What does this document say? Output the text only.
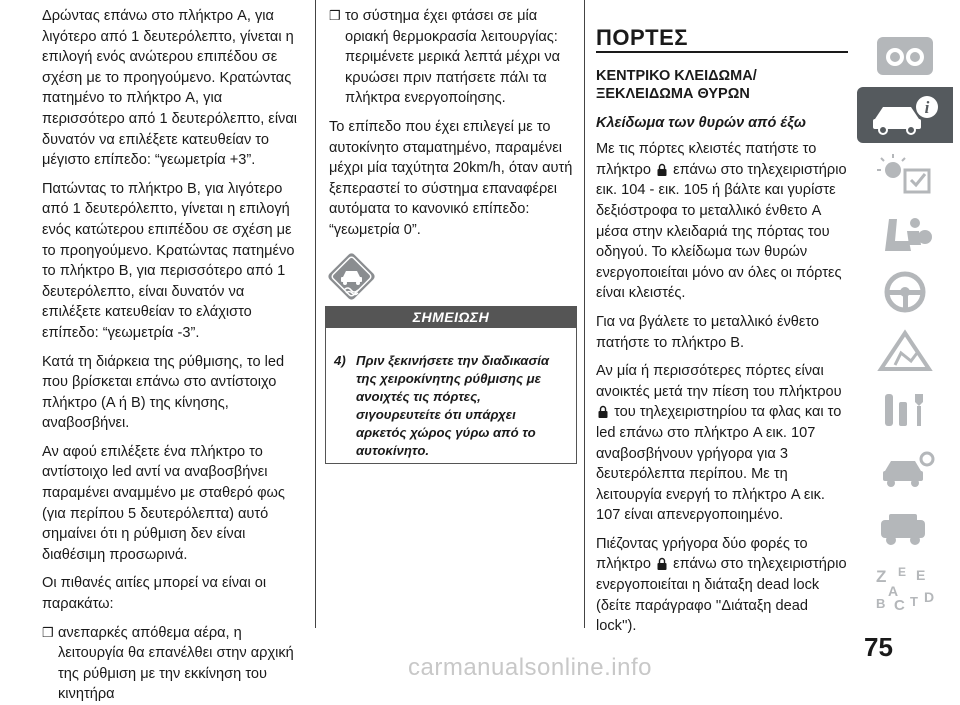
Δρώντας επάνω στο πλήκτρο A, για λιγότερο από 1 δευτερόλεπτο, γίνεται η επιλογή ενός ανώτερου επιπέδου σε σχέση με το προηγούμενο. Κρατώντας πατημένο το πλήκτρο A, για περισσότερο από 1 δευτερόλεπτο, είναι δυνατόν να επιλέξετε κατευθείαν το μέγιστο επίπεδο: “γεωμετρία +3”.

Πατώντας το πλήκτρο B, για λιγότερο από 1 δευτερόλεπτο, γίνεται η επιλογή ενός κατώτερου επιπέδου σε σχέση με το προηγούμενο. Κρατώντας πατημένο το πλήκτρο B, για περισσότερο από 1 δευτερόλεπτο, είναι δυνατόν να επιλέξετε κατευθείαν το ελάχιστο επίπεδο: “γεωμετρία -3”.

Κατά τη διάρκεια της ρύθμισης, το led που βρίσκεται επάνω στο αντίστοιχο πλήκτρο (A ή B) της κίνησης, αναβοσβήνει.

Αν αφού επιλέξετε ένα πλήκτρο το αντίστοιχο led αντί να αναβοσβήνει παραμένει αναμμένο με σταθερό φως (για περίπου 5 δευτερόλεπτα) αυτό σημαίνει ότι η ρύθμιση δεν είναι διαθέσιμη προσωρινά.

Οι πιθανές αιτίες μπορεί να είναι οι παρακάτω:

❒ ανεπαρκές απόθεμα αέρα, η λειτουργία θα επανέλθει στην αρχική της ρύθμιση με την εκκίνηση του κινητήρα
❒ το σύστημα έχει φτάσει σε μία οριακή θερμοκρασία λειτουργίας: περιμένετε μερικά λεπτά μέχρι να κρυώσει πριν πατήσετε πάλι τα πλήκτρα ενεργοποίησης.

Το επίπεδο που έχει επιλεγεί με το αυτοκίνητο σταματημένο, παραμένει μέχρι μία ταχύτητα 20km/h, όταν αυτή ξεπεραστεί το σύστημα επαναφέρει αυτόματα το κανονικό επίπεδο: “γεωμετρία 0”.

ΣΗΜΕΙΩΣΗ
4) Πριν ξεκινήσετε την διαδικασία της χειροκίνητης ρύθμισης με ανοιχτές τις πόρτες, σιγουρευτείτε ότι υπάρχει αρκετός χώρος γύρω από το αυτοκίνητο.
ΠΟΡΤΕΣ
ΚΕΝΤΡΙΚΟ ΚΛΕΙΔΩΜΑ/
ΞΕΚΛΕΙΔΩΜΑ ΘΥΡΩΝ
Κλείδωμα των θυρών από έξω

Με τις πόρτες κλειστές πατήστε το πλήκτρο επάνω στο τηλεχειριστήριο εικ. 104 - εικ. 105 ή βάλτε και γυρίστε δεξιόστροφα το μεταλλικό ένθετο A μέσα στην κλειδαριά της πόρτας του οδηγού. Το κλείδωμα των θυρών ενεργοποιείται μόνο αν όλες οι πόρτες είναι κλειστές.

Για να βγάλετε το μεταλλικό ένθετο πατήστε το πλήκτρο B.

Αν μία ή περισσότερες πόρτες είναι ανοικτές μετά την πίεση του πλήκτρου  του τηλεχειριστηρίου τα φλας και το led επάνω στο πλήκτρο A εικ. 107 αναβοσβήνουν γρήγορα για 3 δευτερόλεπτα περίπου. Με τη λειτουργία ενεργή το πλήκτρο A εικ. 107 είναι απενεργοποιημένο.

Πιέζοντας γρήγορα δύο φορές το πλήκτρο επάνω στο τηλεχειριστήριο ενεργοποιείται η διάταξη dead lock (δείτε παράγραφο ''Διάταξη dead lock'').

i
Z E E
A
B C T D
75
carmanualsonline.info
